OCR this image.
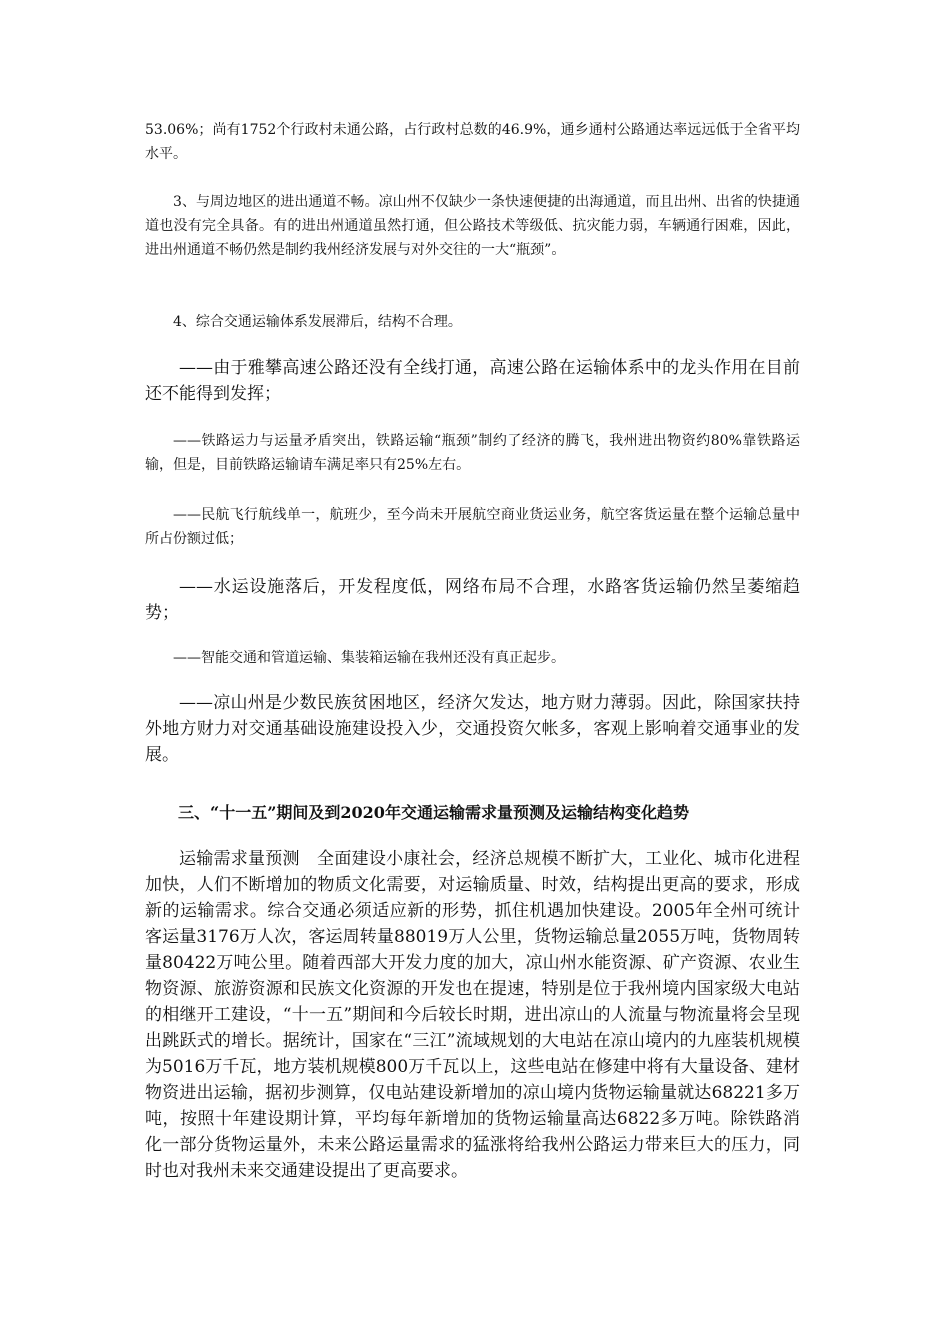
53.06%；尚有1752个行政村未通公路，占行政村总数的46.9%，通乡通村公路通达率远远低于全省平均水平。

3、与周边地区的进出通道不畅。凉山州不仅缺少一条快速便捷的出海通道，而且出州、出省的快捷通道也没有完全具备。有的进出州通道虽然打通，但公路技术等级低、抗灾能力弱，车辆通行困难，因此，进出州通道不畅仍然是制约我州经济发展与对外交往的一大“瓶颈”。

4、综合交通运输体系发展滞后，结构不合理。

——由于雅攀高速公路还没有全线打通，高速公路在运输体系中的龙头作用在目前还不能得到发挥；

——铁路运力与运量矛盾突出，铁路运输“瓶颈”制约了经济的腾飞，我州进出物资约80%靠铁路运输，但是，目前铁路运输请车满足率只有25%左右。

——民航飞行航线单一，航班少，至今尚未开展航空商业货运业务，航空客货运量在整个运输总量中所占份额过低；

——水运设施落后，开发程度低，网络布局不合理，水路客货运输仍然呈萎缩趋势；

——智能交通和管道运输、集装箱运输在我州还没有真正起步。

——凉山州是少数民族贫困地区，经济欠发达，地方财力薄弱。因此，除国家扶持外地方财力对交通基础设施建设投入少，交通投资欠帐多，客观上影响着交通事业的发展。

三、“十一五”期间及到2020年交通运输需求量预测及运输结构变化趋势

运输需求量预测　全面建设小康社会，经济总规模不断扩大，工业化、城市化进程加快，人们不断增加的物质文化需要，对运输质量、时效，结构提出更高的要求，形成新的运输需求。综合交通必须适应新的形势，抓住机遇加快建设。2005年全州可统计客运量3176万人次，客运周转量88019万人公里，货物运输总量2055万吨，货物周转量80422万吨公里。随着西部大开发力度的加大，凉山州水能资源、矿产资源、农业生物资源、旅游资源和民族文化资源的开发也在提速，特别是位于我州境内国家级大电站的相继开工建设，“十一五”期间和今后较长时期，进出凉山的人流量与物流量将会呈现出跳跃式的增长。据统计，国家在“三江”流域规划的大电站在凉山境内的九座装机规模为5016万千瓦，地方装机规模800万千瓦以上，这些电站在修建中将有大量设备、建材物资进出运输，据初步测算，仅电站建设新增加的凉山境内货物运输量就达68221多万吨，按照十年建设期计算，平均每年新增加的货物运输量高达6822多万吨。除铁路消化一部分货物运量外，未来公路运量需求的猛涨将给我州公路运力带来巨大的压力，同时也对我州未来交通建设提出了更高要求。
